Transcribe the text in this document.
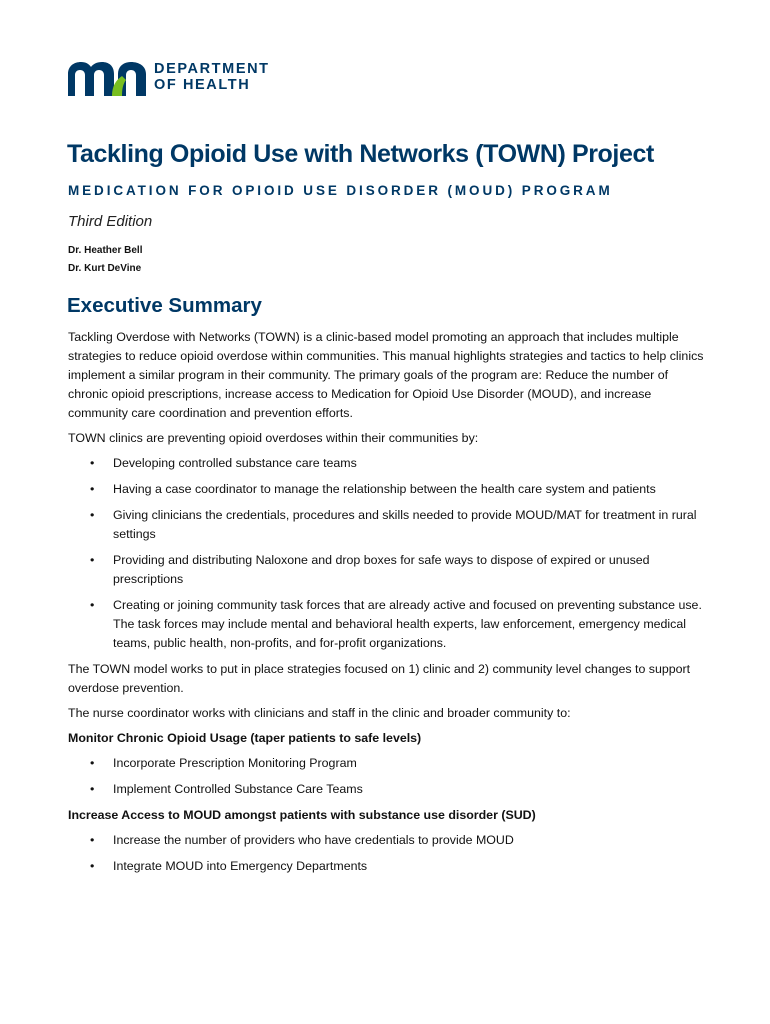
DEPARTMENT
OF HEALTH
Tackling Opioid Use with Networks (TOWN) Project

MEDICATION FOR OPIOID USE DISORDER (MOUD) PROGRAM

Third Edition

Dr. Heather Bell
Dr. Kurt DeVine
Executive Summary

Tackling Overdose with Networks (TOWN) is a clinic-based model promoting an approach that includes multiple strategies to reduce opioid overdose within communities. This manual highlights strategies and tactics to help clinics implement a similar program in their community. The primary goals of the program are: Reduce the number of chronic opioid prescriptions, increase access to Medication for Opioid Use Disorder (MOUD), and increase community care coordination and prevention efforts.

TOWN clinics are preventing opioid overdoses within their communities by:

• Developing controlled substance care teams
• Having a case coordinator to manage the relationship between the health care system and patients
• Giving clinicians the credentials, procedures and skills needed to provide MOUD/MAT for treatment in rural settings
• Providing and distributing Naloxone and drop boxes for safe ways to dispose of expired or unused prescriptions
• Creating or joining community task forces that are already active and focused on preventing substance use. The task forces may include mental and behavioral health experts, law enforcement, emergency medical teams, public health, non-profits, and for-profit organizations.

The TOWN model works to put in place strategies focused on 1) clinic and 2) community level changes to support overdose prevention.

The nurse coordinator works with clinicians and staff in the clinic and broader community to:

Monitor Chronic Opioid Usage (taper patients to safe levels)

• Incorporate Prescription Monitoring Program
• Implement Controlled Substance Care Teams

Increase Access to MOUD amongst patients with substance use disorder (SUD)

• Increase the number of providers who have credentials to provide MOUD
• Integrate MOUD into Emergency Departments
